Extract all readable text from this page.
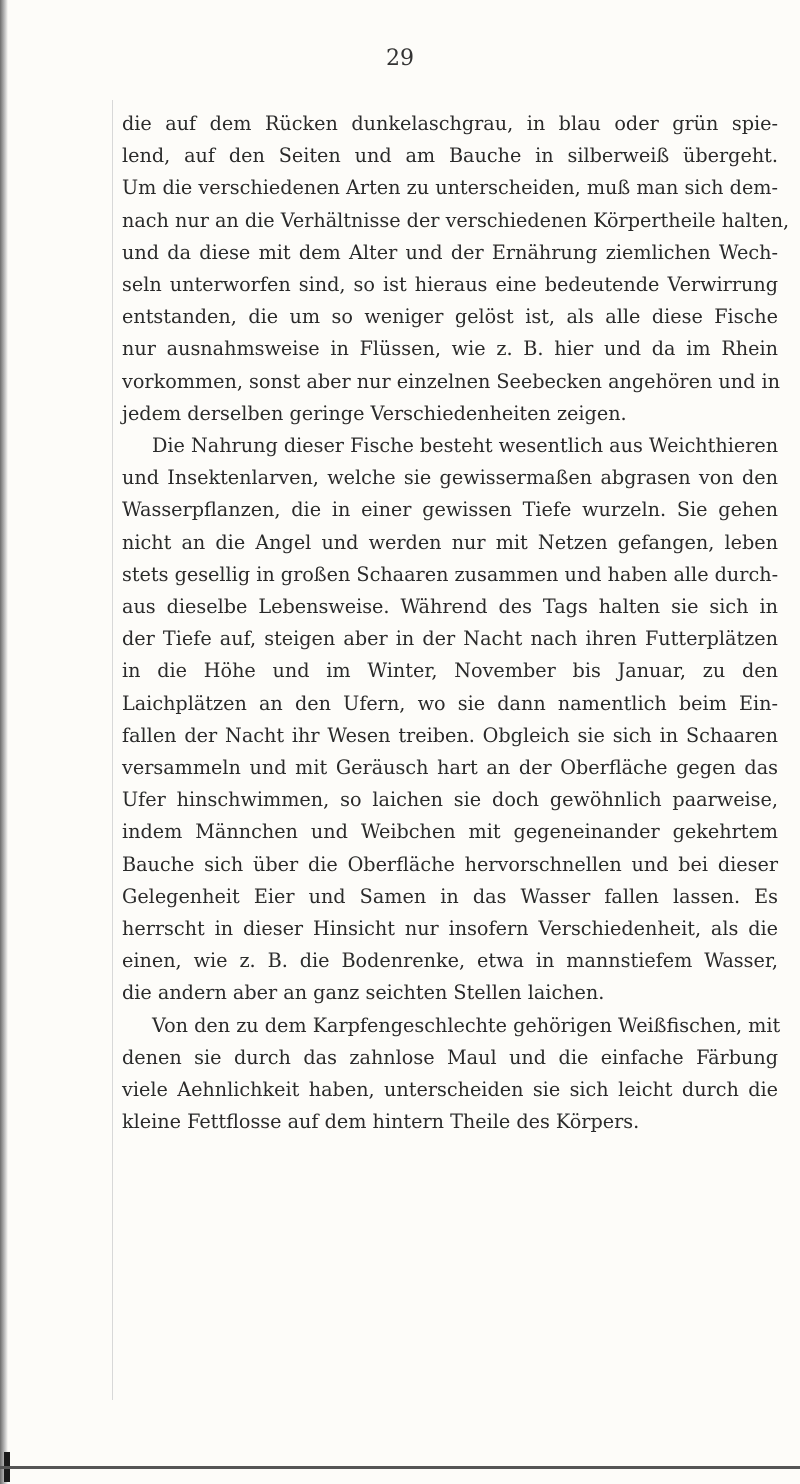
29
die auf dem Rücken dunkelaschgrau, in blau oder grün spie-
lend, auf den Seiten und am Bauche in silberweiß übergeht.
Um die verschiedenen Arten zu unterscheiden, muß man sich dem-
nach nur an die Verhältnisse der verschiedenen Körpertheile halten,
und da diese mit dem Alter und der Ernährung ziemlichen Wech-
seln unterworfen sind, so ist hieraus eine bedeutende Verwirrung
entstanden, die um so weniger gelöst ist, als alle diese Fische
nur ausnahmsweise in Flüssen, wie z. B. hier und da im Rhein
vorkommen, sonst aber nur einzelnen Seebecken angehören und in
jedem derselben geringe Verschiedenheiten zeigen.
Die Nahrung dieser Fische besteht wesentlich aus Weichthieren
und Insektenlarven, welche sie gewissermaßen abgrasen von den
Wasserpflanzen, die in einer gewissen Tiefe wurzeln. Sie gehen
nicht an die Angel und werden nur mit Netzen gefangen, leben
stets gesellig in großen Schaaren zusammen und haben alle durch-
aus dieselbe Lebensweise. Während des Tags halten sie sich in
der Tiefe auf, steigen aber in der Nacht nach ihren Futterplätzen
in die Höhe und im Winter, November bis Januar, zu den
Laichplätzen an den Ufern, wo sie dann namentlich beim Ein-
fallen der Nacht ihr Wesen treiben. Obgleich sie sich in Schaaren
versammeln und mit Geräusch hart an der Oberfläche gegen das
Ufer hinschwimmen, so laichen sie doch gewöhnlich paarweise,
indem Männchen und Weibchen mit gegeneinander gekehrtem
Bauche sich über die Oberfläche hervorschnellen und bei dieser
Gelegenheit Eier und Samen in das Wasser fallen lassen. Es
herrscht in dieser Hinsicht nur insofern Verschiedenheit, als die
einen, wie z. B. die Bodenrenke, etwa in mannstiefem Wasser,
die andern aber an ganz seichten Stellen laichen.
Von den zu dem Karpfengeschlechte gehörigen Weißfischen, mit
denen sie durch das zahnlose Maul und die einfache Färbung
viele Aehnlichkeit haben, unterscheiden sie sich leicht durch die
kleine Fettflosse auf dem hintern Theile des Körpers.
